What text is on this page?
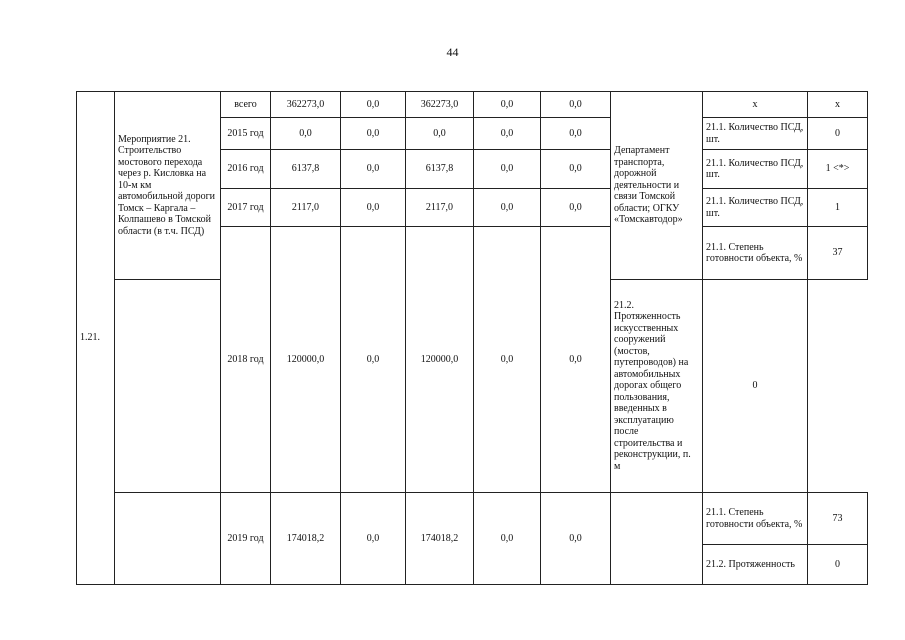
44
1.21.	Мероприятие 21. Строительство мостового перехода через р. Кисловка на 10-м км автомобильной дороги Томск – Каргала – Колпашево в Томской области (в т.ч. ПСД)	всего	362273,0	0,0	362273,0	0,0	0,0	Департамент транспорта, дорожной деятельности и связи Томской области; ОГКУ «Томскавтодор»	х	х
		2015 год	0,0	0,0	0,0	0,0	0,0		21.1. Количество ПСД, шт.	0
		2016 год	6137,8	0,0	6137,8	0,0	0,0		21.1. Количество ПСД, шт.	1 <*>
		2017 год	2117,0	0,0	2117,0	0,0	0,0		21.1. Количество ПСД, шт.	1
		2018 год	120000,0	0,0	120000,0	0,0	0,0		21.1. Степень готовности объекта, %	37
								21.2. Протяженность искусственных сооружений (мостов, путепроводов) на автомобильных дорогах общего пользования, введенных в эксплуатацию после строительства и реконструкции, п. м	0	
		2019 год	174018,2	0,0	174018,2	0,0	0,0		21.1. Степень готовности объекта, %	73
									21.2. Протяженность	0
